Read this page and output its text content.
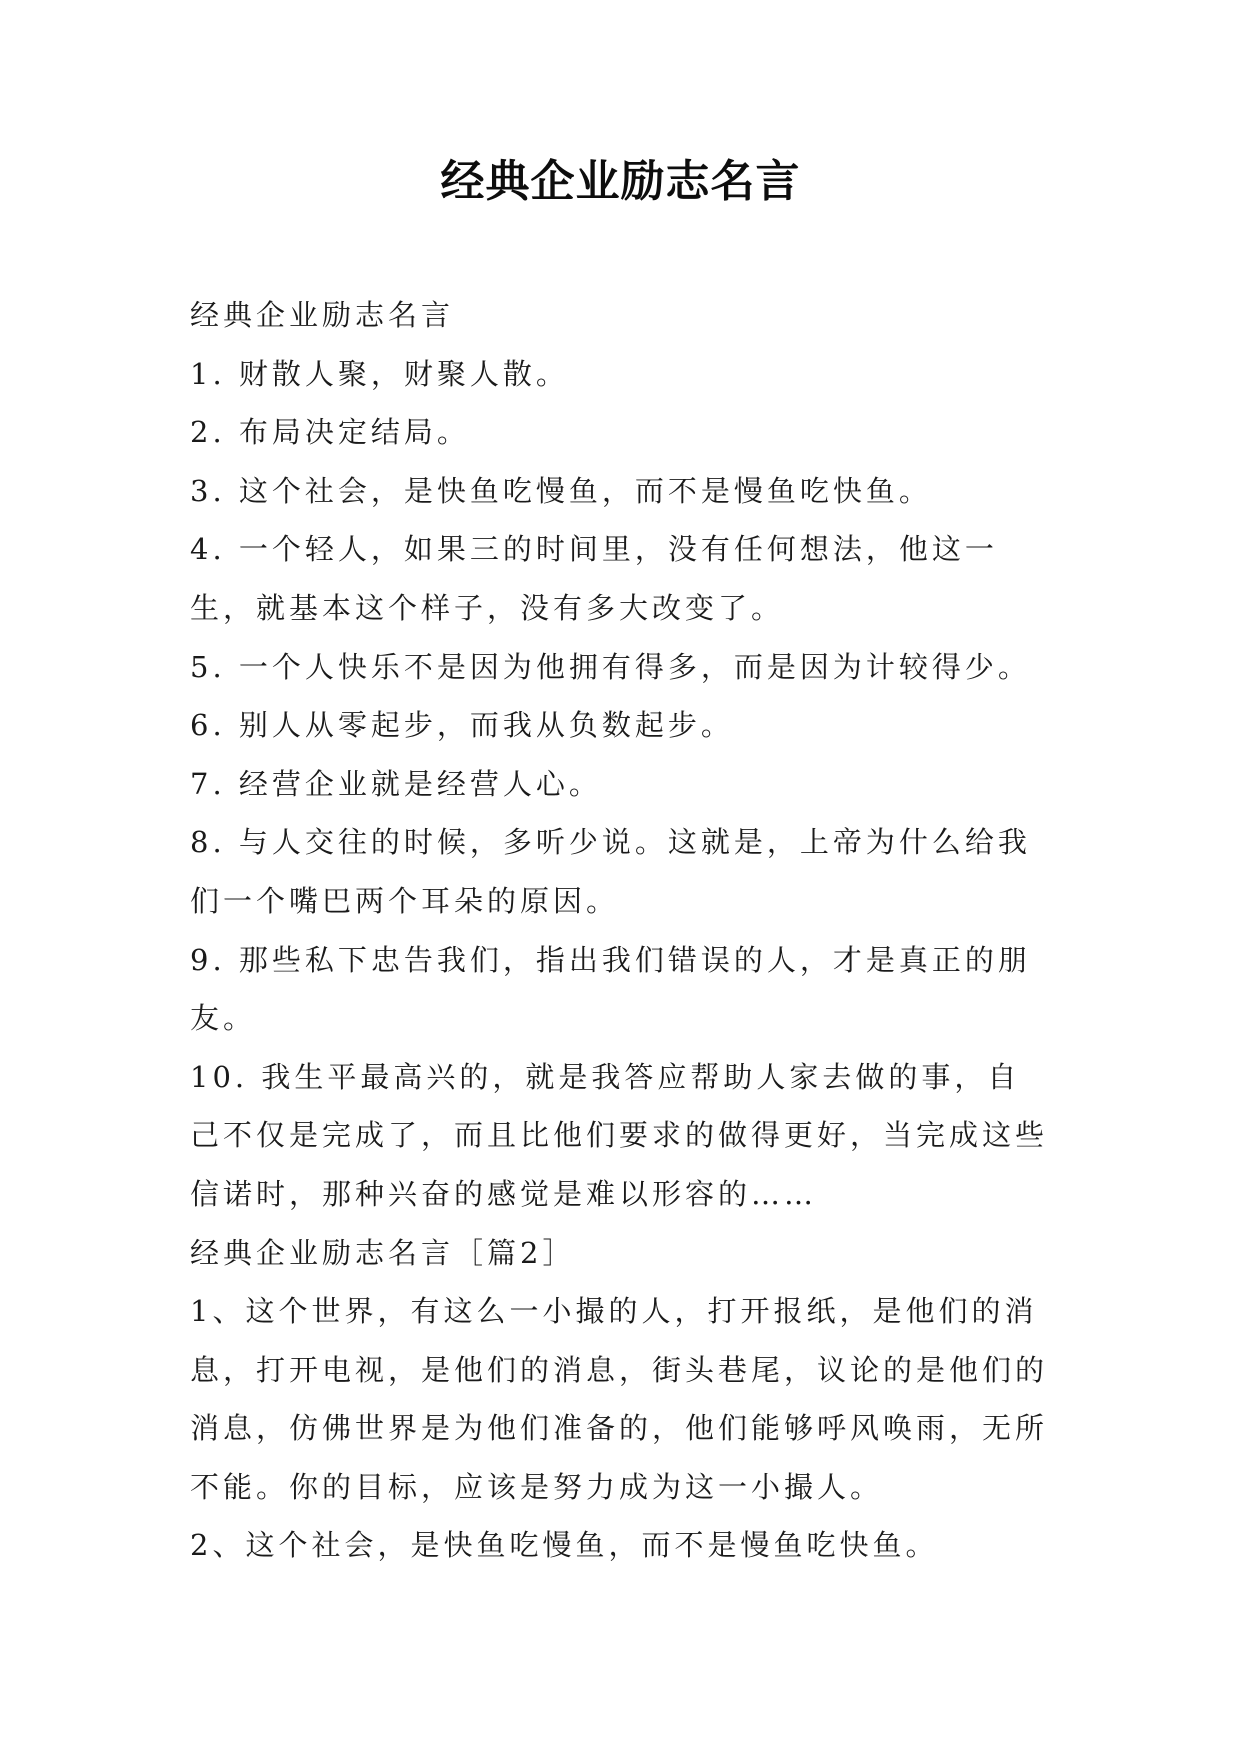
经典企业励志名言

经典企业励志名言

1. 财散人聚，财聚人散。

2. 布局决定结局。

3. 这个社会，是快鱼吃慢鱼，而不是慢鱼吃快鱼。

4. 一个轻人，如果三的时间里，没有任何想法，他这一生，就基本这个样子，没有多大改变了。

5. 一个人快乐不是因为他拥有得多，而是因为计较得少。

6. 别人从零起步，而我从负数起步。

7. 经营企业就是经营人心。

8. 与人交往的时候，多听少说。这就是，上帝为什么给我们一个嘴巴两个耳朵的原因。

9. 那些私下忠告我们，指出我们错误的人，才是真正的朋友。

10. 我生平最高兴的，就是我答应帮助人家去做的事，自己不仅是完成了，而且比他们要求的做得更好，当完成这些信诺时，那种兴奋的感觉是难以形容的……

经典企业励志名言［篇2］

1、这个世界，有这么一小撮的人，打开报纸，是他们的消息，打开电视，是他们的消息，街头巷尾，议论的是他们的消息，仿佛世界是为他们准备的，他们能够呼风唤雨，无所不能。你的目标，应该是努力成为这一小撮人。

2、这个社会，是快鱼吃慢鱼，而不是慢鱼吃快鱼。
